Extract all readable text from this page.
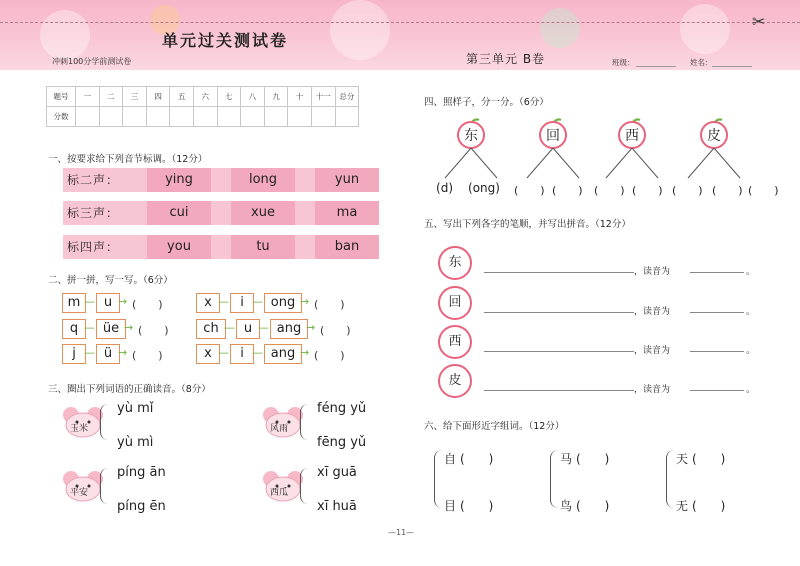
✂
单元过关测试卷
冲刺100分学前测试卷	第三单元 B卷	班级：	姓名：
题号	一	二	三	四	五	六	七	八	九	十	十一	总分
分数												
一、按要求给下列音节标调。（12分）
标二声：	ying	long	yun
标三声：	cui	xue	ma
标四声：	you	tu	ban
二、拼一拼，写一写。（6分）
m — u → (　　)	x — i — ong → (　　)
q — üe → (　　)	ch — u — ang → (　　)
j — ü → (　　)	x — i — ang → (　　)
三、圈出下列词语的正确读音。（8分）
玉米
yù mǐ
yù mì
风雨
féng yǔ
fēng yǔ
平安
píng ān
píng ēn
西瓜
xī guā
xī huā
四、照样子，分一分。（6分）
东	回	西	皮
(d) (ong) (　　) (　　) (　　) (　　) (　　) (　　) (　　)
五、写出下列各字的笔顺，并写出拼音。（12分）
东
，读音为	。
回
，读音为	。
西
，读音为	。
皮
，读音为	。
六、给下面形近字组词。（12分）
自 (　　)
目 (　　)
马 (　　)
鸟 (　　)
天 (　　)
无 (　　)
—11—
